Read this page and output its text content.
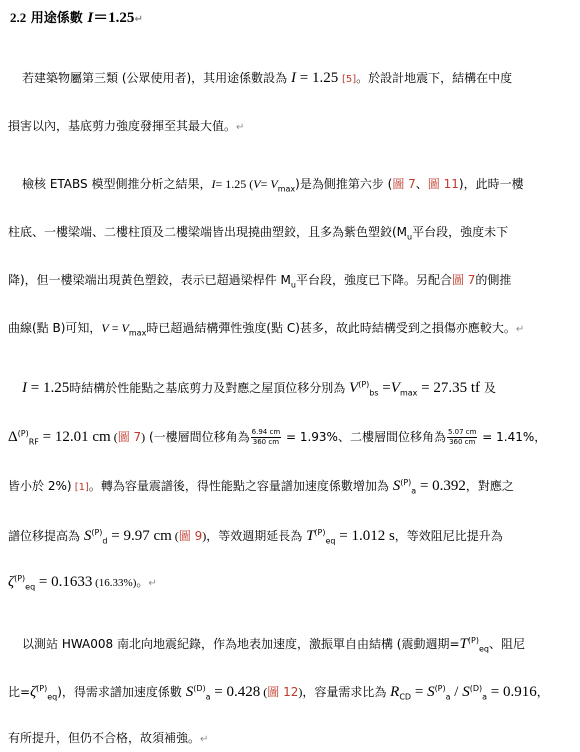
2.2 用途係數 I＝1.25↵
若建築物屬第三類 (公眾使用者)，其用途係數設為 I = 1.25 [5]。於設計地震下，結構在中度
損害以內，基底剪力強度發揮至其最大值。↵
檢核 ETABS 模型側推分析之結果，I= 1.25 $(V= V_{max})$是為側推第六步 (圖 7、圖 11)，此時一樓
柱底、一樓梁端、二樓柱頂及二樓梁端皆出現撓曲塑鉸，且多為紫色塑鉸($M_u$平台段，強度未下
降)，但一樓梁端出現黃色塑鉸，表示已超過梁桿件 $M_u$平台段，強度已下降。另配合圖 7的側推
曲線(點 B)可知，$V = V_{max}$時已超過結構彈性強度(點 C)甚多，故此時結構受到之損傷亦應較大。↵
I = 1.25時結構於性能點之基底剪力及對應之屋頂位移分別為 $V^{(P)}_{bs} =V_{max} = 27.35$ tf 及
$\Delta^{(P)}_{RF} = 12.01$ cm (圖 7) (一樓層間位移角為 $\frac{6.94 cm}{360 cm} = 1.93\%$、二樓層間位移角為 $\frac{5.07 cm}{360 cm} = 1.41\%$，
皆小於 2%) [1]。轉為容量震譜後，得性能點之容量譜加速度係數增加為 $S^{(P)}_a = 0.392$，對應之
譜位移提高為 $S^{(P)}_d = 9.97$ cm (圖 9)，等效週期延長為 $T^{(P)}_{eq} = 1.012$ s，等效阻尼比提升為
$\zeta^{(P)}_{eq} = 0.1633$ (16.33%)。↵
以測站 HWA008 南北向地震紀錄，作為地表加速度，激振單自由結構 (震動週期$=T^{(P)}_{eq}$、阻尼
比$=\zeta^{(P)}_{eq}$)，得需求譜加速度係數 $S^{(D)}_a = 0.428$ (圖 12)，容量需求比為 $R_{CD} = S^{(P)}_a / S^{(D)}_a = 0.916$，
有所提升，但仍不合格，故須補強。↵
